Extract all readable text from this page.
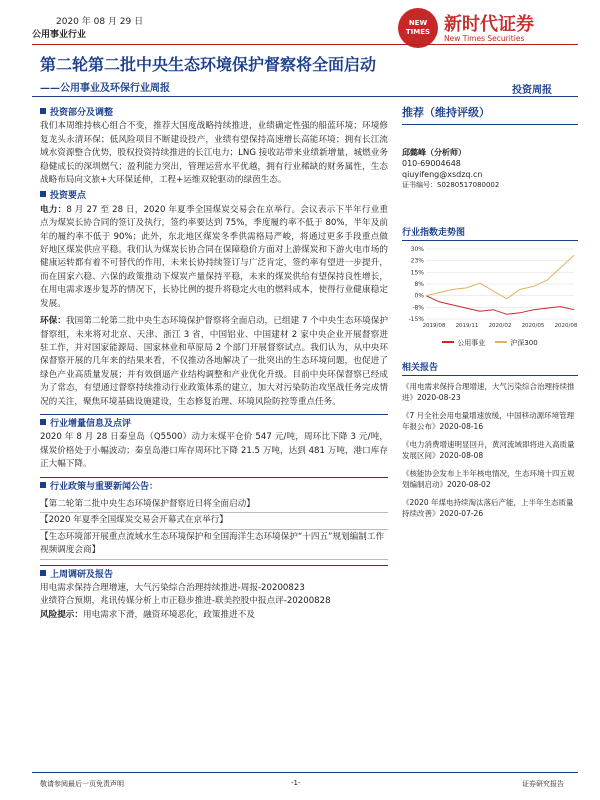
2020 年 08 月 29 日
公用事业行业
NEW TIMES 新时代证券
New Times Securities
第二轮第二批中央生态环境保护督察将全面启动
——公用事业及环保行业周报	投资周报
投资部分及调整

我们本周维持核心组合不变，推荐大国度战略持续推进，业绩确定性强的船蓝环境；环境修复龙头永清环保；低风险项目不断建设投产，业绩有望保持高速增长高能环境；拥有长江流域水资源整合优势，股权投资持续推进的长江电力；LNG 接收站带来业绩新增量，城燃业务稳健成长的深圳燃气；盈利能力突出，管理运营水平优越，拥有行业稀缺的财务属性，生态战略布局向文旅+大环保延伸，工程+运维双轮驱动的绿茵生态。

投资要点

电力：8 月 27 至 28 日，2020 年夏季全国煤炭交易会在京举行。会议表示下半年行业重点为煤炭长协合同的签订及执行，签约率要达到 75%，季度履约率不低于 80%，半年及前年的履约率不低于 90%；此外，东北地区煤炭冬季供需格局严峻，将通过更多手段重点做好地区煤炭供应平稳。我们认为煤炭长协合同在保障稳价方面对上游煤炭和下游火电市场的健康运转都有着不可替代的作用，未来长协持续签订与广泛肯定，签约率有望进一步提升，而在国家六稳、六保的政策推动下煤炭产量保持平稳，未来的煤炭供给有望保持良性增长，在用电需求逐步复苏的情况下，长协比例的提升将稳定火电的燃料成本，使得行业健康稳定发展。

环保：我国第二轮第二批中央生态环境保护督察将全面启动，已组建 7 个中央生态环境保护督察组，未来将对北京、天津、浙江 3 省，中国铝业、中国建材 2 家中央企业开展督察进驻工作，并对国家能源局、国家林业和草原局 2 个部门开展督察试点。我们认为，从中央环保督察开展的几年来的结果来看，不仅推动各地解决了一批突出的生态环境问题，也促进了绿色产业高质量发展；并有效倒逼产业结构调整和产业优化升级。目前中央环保督察已经成为了常态，有望通过督察持续推动行业政策体系的建立，加大对污染防治攻坚战任务完成情况的关注，聚焦环境基础设施建设，生态修复治理、环境风险防控等重点任务。

行业增量信息及点评

2020 年 8 月 28 日秦皇岛（Q5500）动力末煤平仓价 547 元/吨，周环比下降 3 元/吨，煤炭价格处于小幅波动；秦皇岛港口库存周环比下降 21.5 万吨，达到 481 万吨，港口库存正大幅下降。

行业政策与重要新闻公告：
【第二轮第二批中央生态环境保护督察近日将全面启动】
【2020 年夏季全国煤炭交易会开幕式在京举行】
【生态环境部开展重点流域水生态环境保护和全国海洋生态环境保护“十四五”规划编制工作视频调度会商】
上周调研及报告
用电需求保持合理增速，大气污染综合治理持续推进-周报-20200823
业绩符合预期，兆讯传媒分析上市正稳步推进-联美控股中报点评-20200828
风险提示：用电需求下滑，融资环境恶化，政策推进不及
推荐（维持评级）
邱懿峰（分析师）
010-69004648
qiuyifeng@xsdzq.cn
证书编号：S0280517080002
行业指数走势图
30%
23%
15%
8%
0%
-8%
-15%
2019/08 2019/11 2020/02 2020/05 2020/08
公用事业	沪深300
相关报告
《用电需求保持合理增速，大气污染综合治理持续推进》2020-08-23
《7 月全社会用电量增速放缓，中国移动源环境管理年报公布》2020-08-16
《电力消费增速明显回升，黄河流域即将进入高质量发展区间》2020-08-08
《核能协会发布上半年核电情况，生态环境十四五规划编制启动》2020-08-02
《2020 年煤电持续淘汰落后产能，上半年生态质量持续改善》2020-07-26
敬请参阅最后一页免责声明	-1-	证券研究报告
